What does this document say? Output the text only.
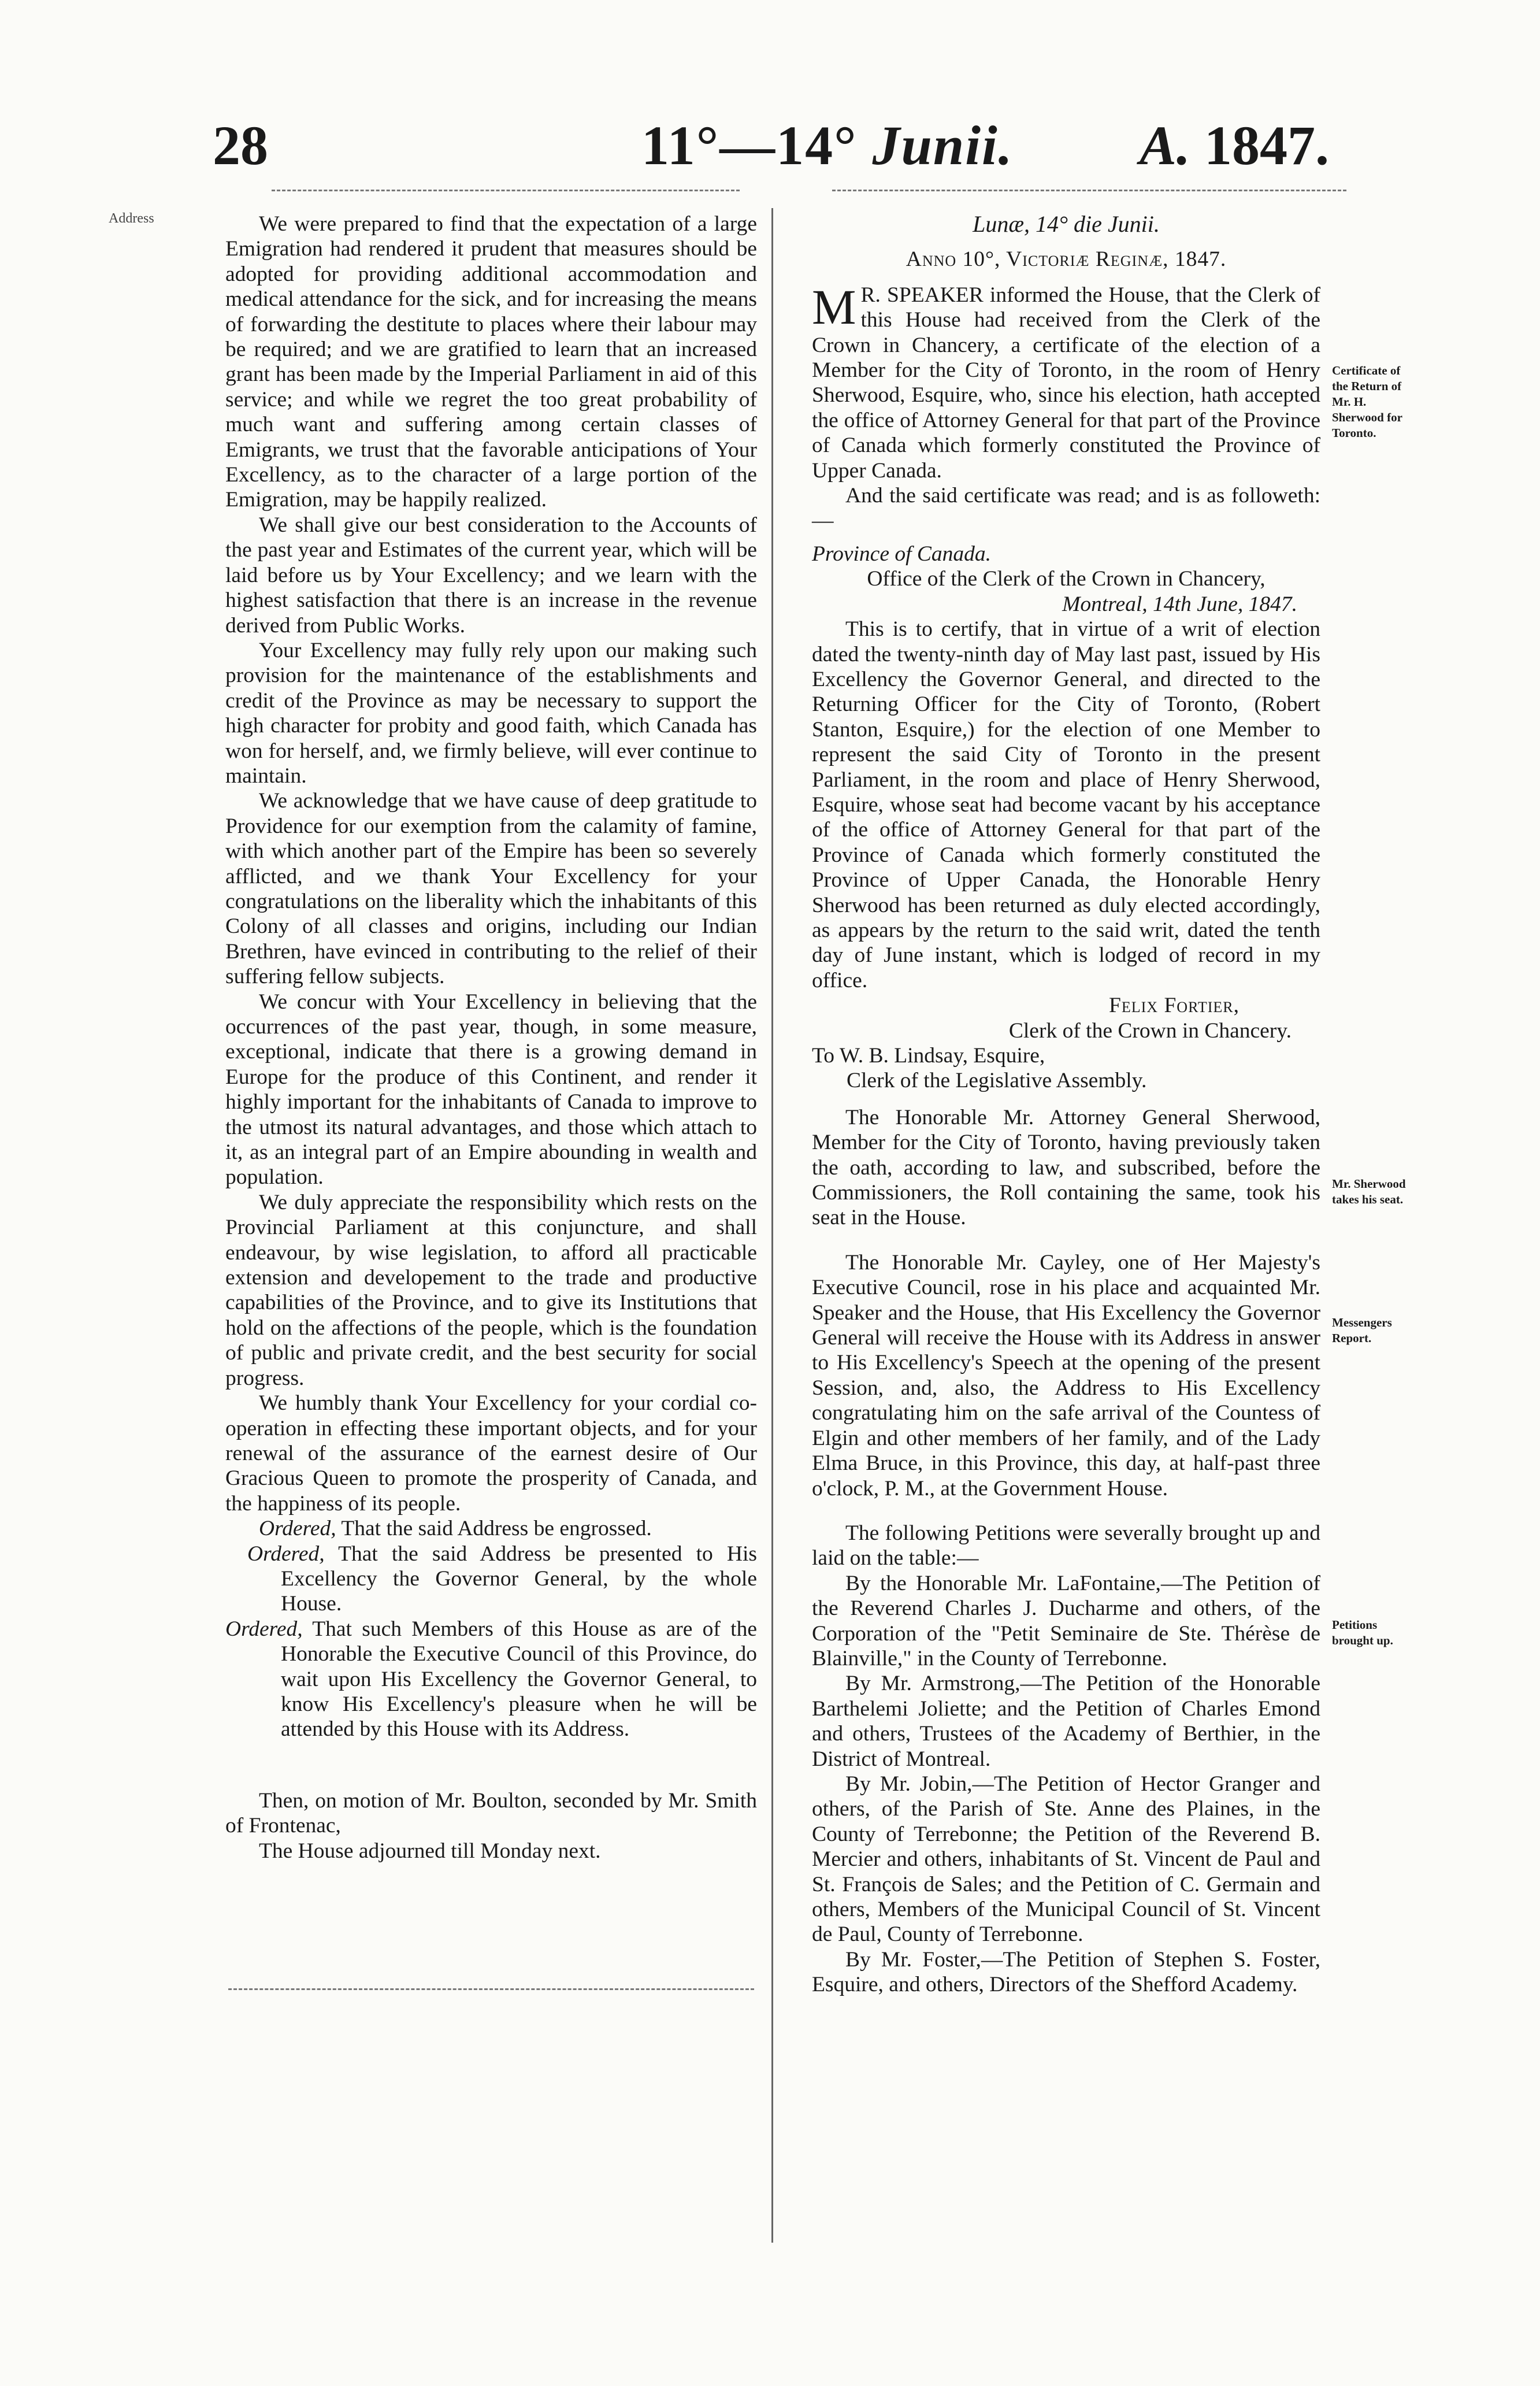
28	11°—14° Junii. A. 1847.
Address	We were prepared to find that the expectation of a large Emigration had rendered it prudent that measures should be adopted for providing additional accommodation and medical attendance for the sick, and for increasing the means of forwarding the destitute to places where their labour may be required; and we are gratified to learn that an increased grant has been made by the Imperial Parliament in aid of this service; and while we regret the too great probability of much want and suffering among certain classes of Emigrants, we trust that the favorable anticipations of Your Excellency, as to the character of a large portion of the Emigration, may be happily realized.

We shall give our best consideration to the Accounts of the past year and Estimates of the current year, which will be laid before us by Your Excellency; and we learn with the highest satisfaction that there is an increase in the revenue derived from Public Works.

Your Excellency may fully rely upon our making such provision for the maintenance of the establishments and credit of the Province as may be necessary to support the high character for probity and good faith, which Canada has won for herself, and, we firmly believe, will ever continue to maintain.

We acknowledge that we have cause of deep gratitude to Providence for our exemption from the calamity of famine, with which another part of the Empire has been so severely afflicted, and we thank Your Excellency for your congratulations on the liberality which the inhabitants of this Colony of all classes and origins, including our Indian Brethren, have evinced in contributing to the relief of their suffering fellow subjects.

We concur with Your Excellency in believing that the occurrences of the past year, though, in some measure, exceptional, indicate that there is a growing demand in Europe for the produce of this Continent, and render it highly important for the inhabitants of Canada to improve to the utmost its natural advantages, and those which attach to it, as an integral part of an Empire abounding in wealth and population.

We duly appreciate the responsibility which rests on the Provincial Parliament at this conjuncture, and shall endeavour, by wise legislation, to afford all practicable extension and developement to the trade and productive capabilities of the Province, and to give its Institutions that hold on the affections of the people, which is the foundation of public and private credit, and the best security for social progress.

We humbly thank Your Excellency for your cordial co-operation in effecting these important objects, and for your renewal of the assurance of the earnest desire of Our Gracious Queen to promote the prosperity of Canada, and the happiness of its people.

Ordered, That the said Address be engrossed.

Ordered, That the said Address be presented to His Excellency the Governor General, by the whole House.

Ordered, That such Members of this House as are of the Honorable the Executive Council of this Province, do wait upon His Excellency the Governor General, to know His Excellency's pleasure when he will be attended by this House with its Address.

Then, on motion of Mr. Boulton, seconded by Mr. Smith of Frontenac,

The House adjourned till Monday next.

Lunæ, 14° die Junii.

Anno 10°, Victoriæ Reginæ, 1847.

M R. SPEAKER informed the House, that the Clerk of this House had received from the Clerk of the Crown in Chancery, a certificate of the election of a Member for the City of Toronto, in the room of Henry Sherwood, Esquire, who, since his election, hath accepted the office of Attorney General for that part of the Province of Canada which formerly constituted the Province of Upper Canada.

And the said certificate was read; and is as followeth:—

Province of Canada.

Office of the Clerk of the Crown in Chancery,

Montreal, 14th June, 1847.

This is to certify, that in virtue of a writ of election dated the twenty-ninth day of May last past, issued by His Excellency the Governor General, and directed to the Returning Officer for the City of Toronto, (Robert Stanton, Esquire,) for the election of one Member to represent the said City of Toronto in the present Parliament, in the room and place of Henry Sherwood, Esquire, whose seat had become vacant by his acceptance of the office of Attorney General for that part of the Province of Canada which formerly constituted the Province of Upper Canada, the Honorable Henry Sherwood has been returned as duly elected accordingly, as appears by the return to the said writ, dated the tenth day of June instant, which is lodged of record in my office.

Felix Fortier,

Clerk of the Crown in Chancery.

To W. B. Lindsay, Esquire,

Clerk of the Legislative Assembly.

The Honorable Mr. Attorney General Sherwood, Member for the City of Toronto, having previously taken the oath, according to law, and subscribed, before the Commissioners, the Roll containing the same, took his seat in the House.

The Honorable Mr. Cayley, one of Her Majesty's Executive Council, rose in his place and acquainted Mr. Speaker and the House, that His Excellency the Governor General will receive the House with its Address in answer to His Excellency's Speech at the opening of the present Session, and, also, the Address to His Excellency congratulating him on the safe arrival of the Countess of Elgin and other members of her family, and of the Lady Elma Bruce, in this Province, this day, at half-past three o'clock, P. M., at the Government House.

The following Petitions were severally brought up and laid on the table:—

By the Honorable Mr. LaFontaine,—The Petition of the Reverend Charles J. Ducharme and others, of the Corporation of the "Petit Seminaire de Ste. Thérèse de Blainville," in the County of Terrebonne.

By Mr. Armstrong,—The Petition of the Honorable Barthelemi Joliette; and the Petition of Charles Emond and others, Trustees of the Academy of Berthier, in the District of Montreal.

By Mr. Jobin,—The Petition of Hector Granger and others, of the Parish of Ste. Anne des Plaines, in the County of Terrebonne; the Petition of the Reverend B. Mercier and others, inhabitants of St. Vincent de Paul and St. François de Sales; and the Petition of C. Germain and others, Members of the Municipal Council of St. Vincent de Paul, County of Terrebonne.

By Mr. Foster,—The Petition of Stephen S. Foster, Esquire, and others, Directors of the Shefford Academy.

Certificate of the Return of Mr. H. Sherwood for Toronto.
Mr. Sherwood takes his seat.
Messengers Report.
Petitions brought up.
